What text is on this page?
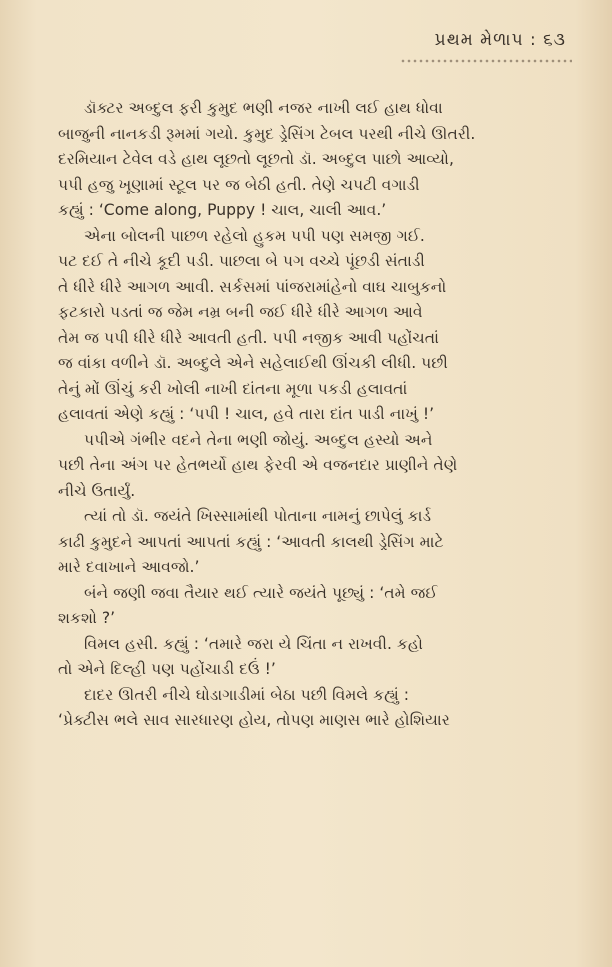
પ્રથમ મેળાપ : ૬૩

ડૉક્ટર અબ્દુલ ફરી કુમુદ ભણી નજર નાખી લઈ હાથ ધોવા
બાજુની નાનકડી રૂમમાં ગયો. કુમુદ ડ્રેસિંગ ટેબલ પરથી નીચે ઊતરી.
દરમિયાન ટેવેલ વડે હાથ લૂછતો લૂછતો ડૉ. અબ્દુલ પાછો આવ્યો,
પપી હજુ ખૂણામાં સ્ટૂલ પર જ બેઠી હતી. તેણે ચપટી વગાડી
કહ્યું : ‘Come along, Puppy ! ચાલ, ચાલી આવ.’

એના બોલની પાછળ રહેલો હુકમ પપી પણ સમજી ગઈ.
પટ દઈ તે નીચે કૂદી પડી. પાછલા બે પગ વચ્ચે પૂંછડી સંતાડી
તે ધીરે ધીરે આગળ આવી. સર્કસમાં પાંજરામાંહેનો વાઘ ચાબુકનો
ફટકારો પડતાં જ જેમ નમ્ર બની જઈ ધીરે ધીરે આગળ આવે
તેમ જ પપી ધીરે ધીરે આવતી હતી. પપી નજીક આવી પહોંચતાં
જ વાંકા વળીને ડૉ. અબ્દુલે એને સહેલાઈથી ઊંચકી લીધી. પછી
તેનું મોં ઊંચું કરી ખોલી નાખી દાંતના મૂળા પકડી હલાવતાં
હલાવતાં એણે કહ્યું : ‘પપી ! ચાલ, હવે તારા દાંત પાડી નાખું !’

પપીએ ગંભીર વદને તેના ભણી જોયું. અબ્દુલ હસ્યો અને
પછી તેના અંગ પર હેતભર્યો હાથ ફેરવી એ વજનદાર પ્રાણીને તેણે
નીચે ઉતાર્યું.

ત્યાં તો ડૉ. જયંતે ખિસ્સામાંથી પોતાના નામનું છાપેલું કાર્ડ
કાઢી કુમુદને આપતાં આપતાં કહ્યું : ‘આવતી કાલથી ડ્રેસિંગ માટે
મારે દવાખાને આવજો.’

બંને જણી જવા તૈયાર થઈ ત્યારે જયંતે પૂછ્યું : ‘તમે જઈ
શકશો ?’

વિમલ હસી. કહ્યું : ‘તમારે જરા યે ચિંતા ન રાખવી. કહો
તો એને દિલ્હી પણ પહોંચાડી દઉં !’

દાદર ઊતરી નીચે ઘોડાગાડીમાં બેઠા પછી વિમલે કહ્યું :
‘પ્રેક્ટીસ ભલે સાવ સારધારણ હોય, તોપણ માણસ ભારે હોશિયાર
